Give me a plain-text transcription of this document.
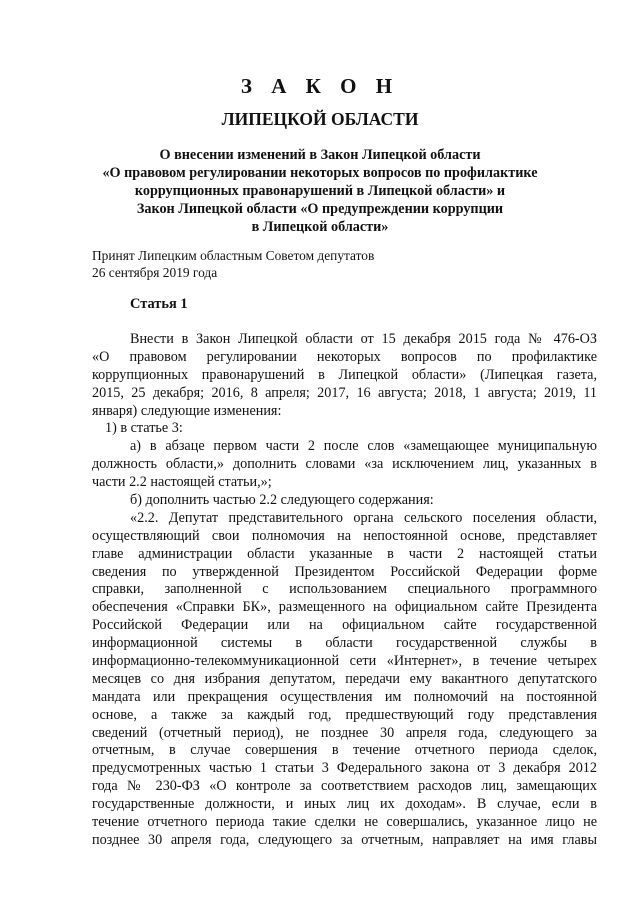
З А К О Н
ЛИПЕЦКОЙ ОБЛАСТИ
О внесении изменений в Закон Липецкой области
«О правовом регулировании некоторых вопросов по профилактике
коррупционных правонарушений в Липецкой области» и
Закон Липецкой области «О предупреждении коррупции
в Липецкой области»
Принят Липецким областным Советом депутатов
26 сентября 2019 года
Статья 1
Внести в Закон Липецкой области от 15 декабря 2015 года № 476-ОЗ
«О правовом регулировании некоторых вопросов по профилактике
коррупционных правонарушений в Липецкой области» (Липецкая газета,
2015, 25 декабря; 2016, 8 апреля; 2017, 16 августа; 2018, 1 августа; 2019, 11
января) следующие изменения:
1) в статье 3:
а) в абзаце первом части 2 после слов «замещающее муниципальную
должность области,» дополнить словами «за исключением лиц, указанных в
части 2.2 настоящей статьи,»;
б) дополнить частью 2.2 следующего содержания:
«2.2. Депутат представительного органа сельского поселения области,
осуществляющий свои полномочия на непостоянной основе, представляет
главе администрации области указанные в части 2 настоящей статьи
сведения по утвержденной Президентом Российской Федерации форме
справки, заполненной с использованием специального программного
обеспечения «Справки БК», размещенного на официальном сайте Президента
Российской Федерации или на официальном сайте государственной
информационной системы в области государственной службы в
информационно-телекоммуникационной сети «Интернет», в течение четырех
месяцев со дня избрания депутатом, передачи ему вакантного депутатского
мандата или прекращения осуществления им полномочий на постоянной
основе, а также за каждый год, предшествующий году представления
сведений (отчетный период), не позднее 30 апреля года, следующего за
отчетным, в случае совершения в течение отчетного периода сделок,
предусмотренных частью 1 статьи 3 Федерального закона от 3 декабря 2012
года № 230-ФЗ «О контроле за соответствием расходов лиц, замещающих
государственные должности, и иных лиц их доходам». В случае, если в
течение отчетного периода такие сделки не совершались, указанное лицо не
позднее 30 апреля года, следующего за отчетным, направляет на имя главы
